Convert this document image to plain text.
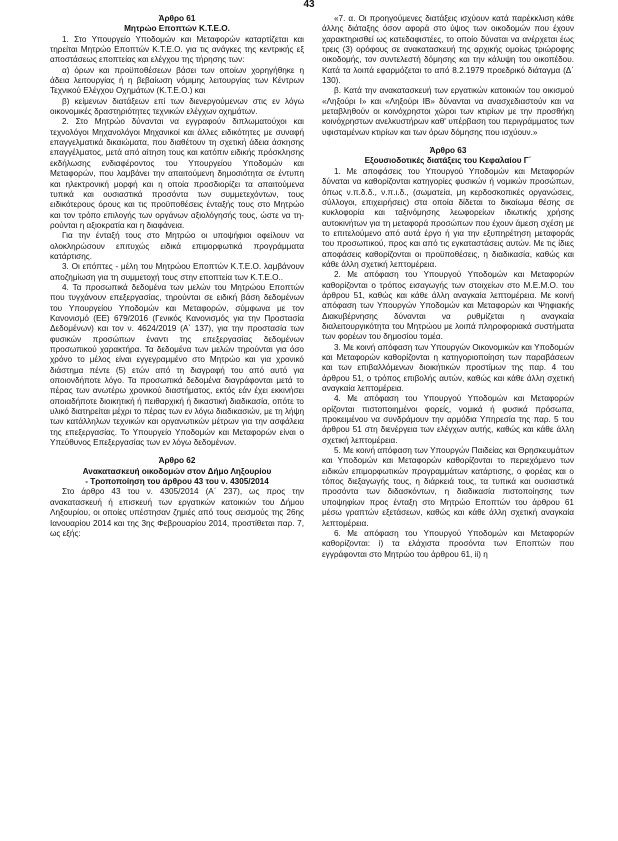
43

Άρθρο 61

Μητρώο Επoπτών Κ.Τ.Ε.Ο.

1. Στο Υπουργείο Υποδομών και Μεταφορών καταρτίζεται και τηρείται Μητρώο Επoπτών Κ.Τ.Ε.Ο. για τις ανάγκες της κεντρικής εξ αποστάσεως εποπτείας και ελέγχου της τήρησης των:

α) όρων και προϋποθέσεων βάσει των οποίων χορηγήθηκε η άδεια λειτουργίας ή η βεβαίωση νόμιμης λειτουργίας των Κέντρων Τεχνικού Ελέγχου Οχημάτων (Κ.Τ.Ε.Ο.) και

β) κείμενων διατάξεων επί των διενεργούμενων στις εν λόγω οικονομικές δραστηριότητες τεχνικών ελέγχων οχημάτων.

2. Στο Μητρώο δύνανται να εγγραφούν διπλωματούχοι και τεχνολόγοι Μηχανολόγοι Μηχανικοί και άλλες ειδικότητες με συναφή επαγγελματικά δικαιώματα, που διαθέτουν τη σχετική άδεια άσκησης επαγγέλματος, μετά από αίτηση τους και κατόπιν ειδικής πρόσκλησης εκδήλωσης ενδιαφέροντος του Υπουργείου Υποδομών και Μεταφορών, που λαμβάνει την απαιτούμενη δημοσιότητα σε έντυπη και ηλεκτρονική μορφή και η οποία προσδιορίζει τα απαιτούμενα τυπικά και ουσιαστικά προσόντα των συμμετεχόντων, τους ειδικότερους όρους και τις προϋποθέσεις ένταξής τους στο Μητρώο και τον τρόπο επιλογής των οργάνων αξιολόγησής τους, ώστε να τηρούνται η αξιοκρατία και η διαφάνεια.

Για την ένταξή τους στο Μητρώο οι υποψήφιοι οφείλουν να ολοκληρώσουν επιτυχώς ειδικά επιμορφωτικά προγράμματα κατάρτισης.

3. Οι επόπτες - μέλη του Μητρώου Επoπτών Κ.Τ.Ε.Ο. λαμβάνουν αποζημίωση για τη συμμετοχή τους στην εποπτεία των Κ.Τ.Ε.Ο..

4. Τα προσωπικά δεδομένα των μελών του Μητρώου Επoπτών που τυγχάνουν επεξεργασίας, τηρούνται σε ειδική βάση δεδομένων του Υπουργείου Υποδομών και Μεταφορών, σύμφωνα με τον Κανονισμό (ΕΕ) 679/2016 (Γενικός Κανονισμός για την Προστασία Δεδομένων) και τον ν. 4624/2019 (Α΄ 137), για την προστασία των φυσικών προσώπων έναντι της επεξεργασίας δεδομένων προσωπικού χαρακτήρα. Τα δεδομένα των μελών τηρούνται για όσο χρόνο το μέλος είναι εγγεγραμμένο στο Μητρώο και για χρονικό διάστημα πέντε (5) ετών από τη διαγραφή του από αυτό για οποιονδήποτε λόγο. Τα προσωπικά δεδομένα διαγράφονται μετά το πέρας των ανωτέρω χρονικού διαστήματος, εκτός εάν έχει εκκινήσει οποιαδήποτε διοικητική ή πειθαρχική ή δικαστική διαδικασία, οπότε το υλικό διατηρείται μέχρι το πέρας των εν λόγω διαδικασιών, με τη λήψη των κατάλληλων τεχνικών και οργανωτικών μέτρων για την ασφάλεια της επεξεργασίας. Το Υπουργείο Υποδομών και Μεταφορών είναι ο Υπεύθυνος Επεξεργασίας των εν λόγω δεδομένων.

Άρθρο 62

Ανακατασκευή οικοδομών στον Δήμο Ληξουρίου

- Τροποποίηση του άρθρου 43 του ν. 4305/2014

Στο άρθρο 43 του ν. 4305/2014 (Α΄ 237), ως προς την ανακατασκευή ή επισκευή των εργατικών κατοικιών του Δήμου Ληξουρίου, οι οποίες υπέστησαν ζημιές από τους σεισμούς της 26ης Ιανουαρίου 2014 και της 3ης Φεβρουαρίου 2014, προστίθεται παρ. 7, ως εξής:

«7. α. Οι προηγούμενες διατάξεις ισχύουν κατά παρέκκλιση κάθε άλλης διάταξης όσον αφορά στο ύψος των οικοδομών που έχουν χαρακτηρισθεί ως κατεδαφιστέες, το οποίο δύναται να ανέρχεται έως τρεις (3) ορόφους σε ανακατασκευή της αρχικής ομοίως τριώροφης οικοδομής, τον συντελεστή δόμησης και την κάλυψη του οικοπέδου. Κατά τα λοιπά εφαρμόζεται το από 8.2.1979 προεδρικό διάταγμα (Δ΄ 130).

β. Κατά την ανακατασκευή των εργατικών κατοικιών του οικισμού «Ληξούρι Ι» και «Ληξούρι ΙΒ» δύνανται να ανασχεδιαστούν και να μεταβληθούν οι κοινόχρηστοι χώροι των κτιρίων με την προσθήκη κοινόχρηστων ανελκυστήρων καθ' υπέρβαση του περιγράμματος των υφισταμένων κτιρίων και των όρων δόμησης που ισχύουν.»

Άρθρο 63

Εξουσιοδοτικές διατάξεις του Κεφαλαίου Γ΄

1. Με αποφάσεις του Υπουργού Υποδομών και Μεταφορών δύναται να καθορίζονται κατηγορίες φυσικών ή νομικών προσώπων, όπως ν.π.δ.δ., ν.π.ι.δ., (σωματεία, μη κερδοσκοπικές οργανώσεις, σύλλογοι, επιχειρήσεις) στα οποία δίδεται το δικαίωμα θέσης σε κυκλοφορία και ταξινόμησης λεωφορείων ιδιωτικής χρήσης αυτοκινήτων για τη μεταφορά προσώπων που έχουν άμεση σχέση με το επιτελούμενο από αυτά έργο ή για την εξυπηρέτηση μεταφοράς του προσωπικού, προς και από τις εγκαταστάσεις αυτών. Με τις ίδιες αποφάσεις καθορίζονται οι προϋποθέσεις, η διαδικασία, καθώς και κάθε άλλη σχετική λεπτομέρεια.

2. Με απόφαση του Υπουργού Υποδομών και Μεταφορών καθορίζονται ο τρόπος εισαγωγής των στοιχείων στο Μ.Ε.Μ.Ο. του άρθρου 51, καθώς και κάθε άλλη αναγκαία λεπτομέρεια. Με κοινή απόφαση των Υπουργών Υποδομών και Μεταφορών και Ψηφιακής Διακυβέρνησης δύνανται να ρυθμίζεται η αναγκαία διαλειτουργικότητα του Μητρώου με λοιπά πληροφοριακά συστήματα των φορέων του δημοσίου τομέα.

3. Με κοινή απόφαση των Υπουργών Οικονομικών και Υποδομών και Μεταφορών καθορίζονται η κατηγοριοποίηση των παραβάσεων και των επιβαλλόμενων διοικήτικών προστίμων της παρ. 4 του άρθρου 51, ο τρόπος επιβολής αυτών, καθώς και κάθε άλλη σχετική αναγκαία λεπτομέρεια.

4. Με απόφαση του Υπουργού Υποδομών και Μεταφορών ορίζονται πιστοποιημένοι φορείς, νομικά ή φυσικά πρόσωπα, προκειμένου να συνδράμουν την αρμόδια Υπηρεσία της παρ. 5 του άρθρου 51 στη διενέργεια των ελέγχων αυτής, καθώς και κάθε άλλη σχετική λεπτομέρεια.

5. Με κοινή απόφαση των Υπουργών Παιδείας και Θρησκευμάτων και Υποδομών και Μεταφορών καθορίζονται το περιεχόμενο των ειδικών επιμορφωτικών προγραμμάτων κατάρτισης, ο φορέας και ο τόπος διεξαγωγής τους, η διάρκειά τους, τα τυπικά και ουσιαστικά προσόντα των διδασκόντων, η διαδικασία πιστοποίησης των υποψηφίων προς ένταξη στο Μητρώο Επoπτών του άρθρου 61 μέσω γραπτών εξετάσεων, καθώς και κάθε άλλη σχετική αναγκαία λεπτομέρεια.

6. Με απόφαση του Υπουργού Υποδομών και Μεταφορών καθορίζονται: i) τα ελάχιστα προσόντα των Επoπτών που εγγράφονται στο Μητρώο του άρθρου 61, ii) η
